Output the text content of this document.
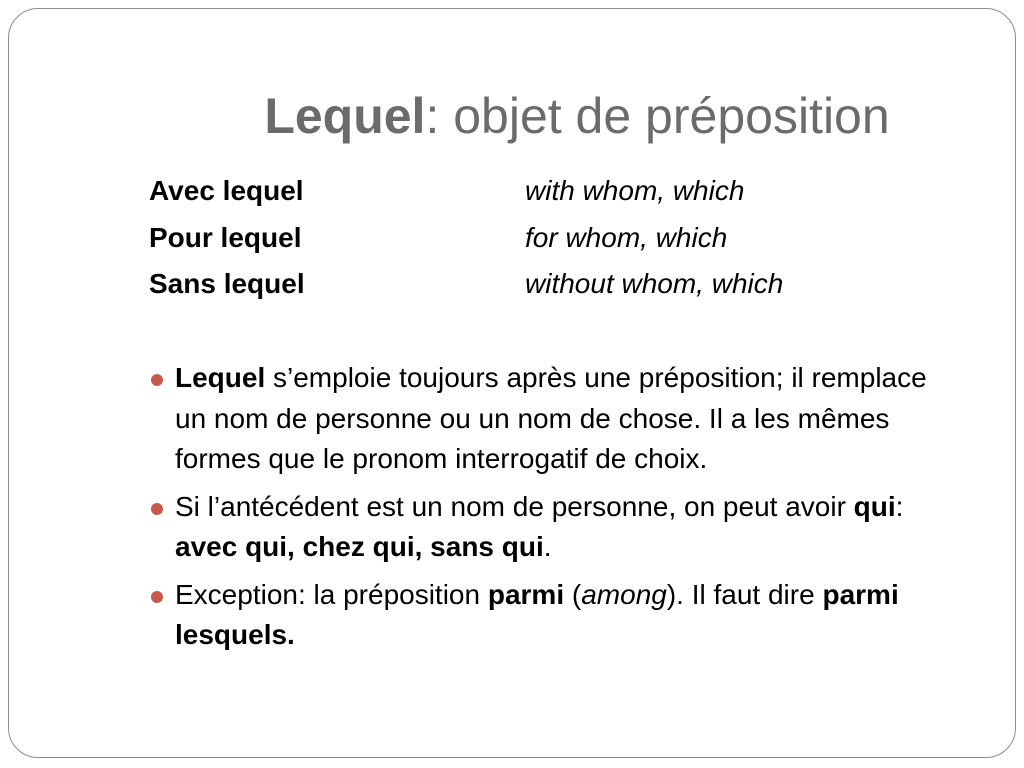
Lequel: objet de préposition
Avec lequel	with whom, which
Pour lequel	for whom, which
Sans lequel	without whom, which
Lequel s’emploie toujours après une préposition; il remplace un nom de personne ou un nom de chose. Il a les mêmes formes que le pronom interrogatif de choix.
Si l’antécédent est un nom de personne, on peut avoir qui: avec qui, chez qui, sans qui.
Exception: la préposition parmi (among). Il faut dire parmi lesquels.
